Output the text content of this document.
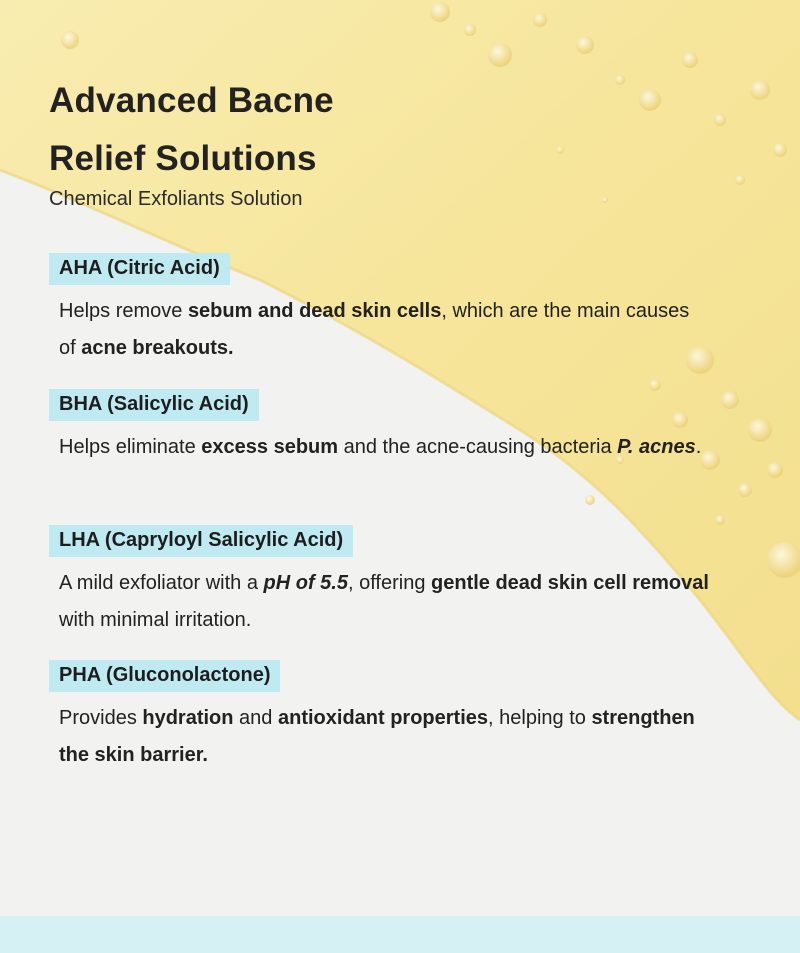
Advanced Bacne
Relief Solutions
Chemical Exfoliants Solution
AHA (Citric Acid)
Helps remove sebum and dead skin cells, which are the main causes of acne breakouts.
BHA (Salicylic Acid)
Helps eliminate excess sebum and the acne-causing bacteria P. acnes.
LHA (Capryloyl Salicylic Acid)
A mild exfoliator with a pH of 5.5, offering gentle dead skin cell removal with minimal irritation.
PHA (Gluconolactone)
Provides hydration and antioxidant properties, helping to strengthen the skin barrier.
